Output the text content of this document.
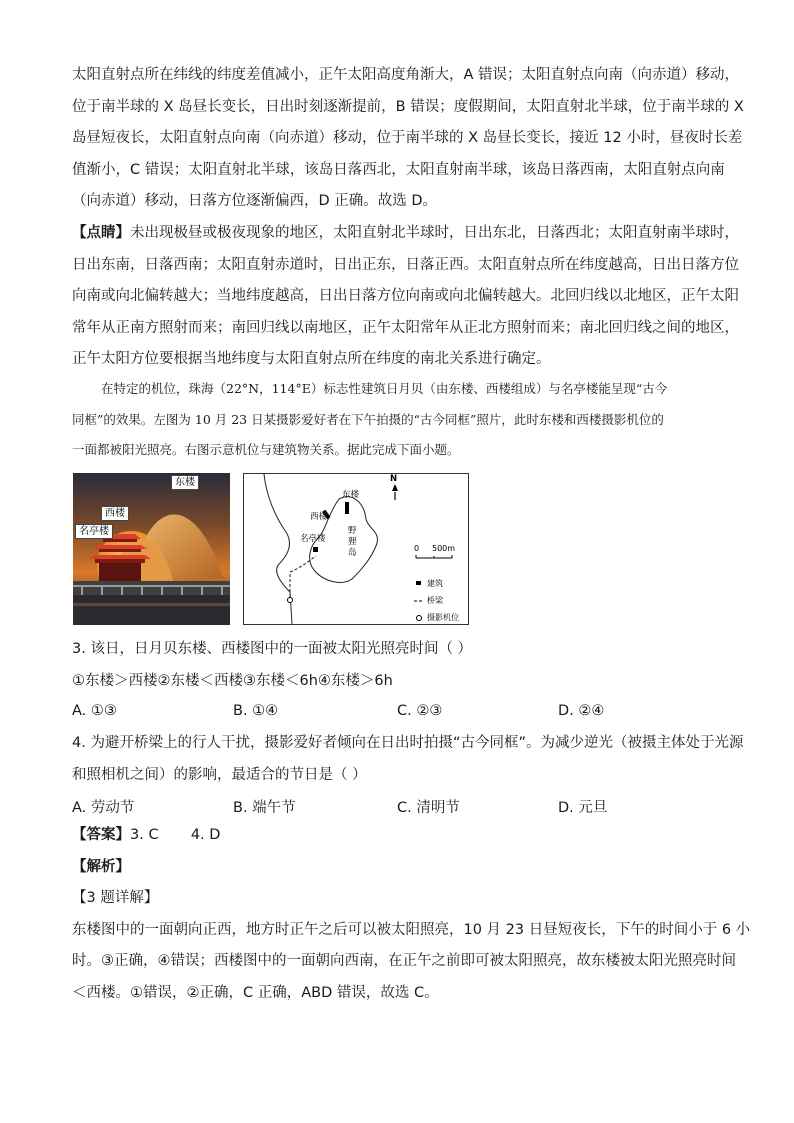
太阳直射点所在纬线的纬度差值减小，正午太阳高度角渐大，A 错误；太阳直射点向南（向赤道）移动，
位于南半球的 X 岛昼长变长，日出时刻逐渐提前，B 错误；度假期间，太阳直射北半球，位于南半球的 X
岛昼短夜长，太阳直射点向南（向赤道）移动，位于南半球的 X 岛昼长变长，接近 12 小时，昼夜时长差
值渐小，C 错误；太阳直射北半球，该岛日落西北，太阳直射南半球，该岛日落西南，太阳直射点向南
（向赤道）移动，日落方位逐渐偏西，D 正确。故选 D。
【点睛】未出现极昼或极夜现象的地区，太阳直射北半球时，日出东北，日落西北；太阳直射南半球时，
日出东南，日落西南；太阳直射赤道时，日出正东，日落正西。太阳直射点所在纬度越高，日出日落方位
向南或向北偏转越大；当地纬度越高，日出日落方位向南或向北偏转越大。北回归线以北地区，正午太阳
常年从正南方照射而来；南回归线以南地区，正午太阳常年从正北方照射而来；南北回归线之间的地区，
正午太阳方位要根据当地纬度与太阳直射点所在纬度的南北关系进行确定。
在特定的机位，珠海（22°N，114°E）标志性建筑日月贝（由东楼、西楼组成）与名亭楼能呈现“古今
同框”的效果。左图为 10 月 23 日某摄影爱好者在下午拍摄的“古今同框”照片，此时东楼和西楼摄影机位的
一面都被阳光照亮。右图示意机位与建筑物关系。据此完成下面小题。
东楼
西楼
名亭楼
N
东楼
西楼
名亭楼
野
狸
岛	0 500m
建筑
桥梁
摄影机位
3. 该日，日月贝东楼、西楼图中的一面被太阳光照亮时间（ ）
①东楼＞西楼②东楼＜西楼③东楼＜6h④东楼＞6h
A. ①③	B. ①④	C. ②③	D. ②④
4. 为避开桥梁上的行人干扰，摄影爱好者倾向在日出时拍摄“古今同框”。为减少逆光（被摄主体处于光源
和照相机之间）的影响，最适合的节日是（ ）
A. 劳动节	B. 端午节	C. 清明节	D. 元旦
【答案】3. C       4. D
【解析】
【3 题详解】
东楼图中的一面朝向正西，地方时正午之后可以被太阳照亮，10 月 23 日昼短夜长，下午的时间小于 6 小
时。③正确，④错误；西楼图中的一面朝向西南，在正午之前即可被太阳照亮，故东楼被太阳光照亮时间
＜西楼。①错误，②正确，C 正确，ABD 错误，故选 C。
